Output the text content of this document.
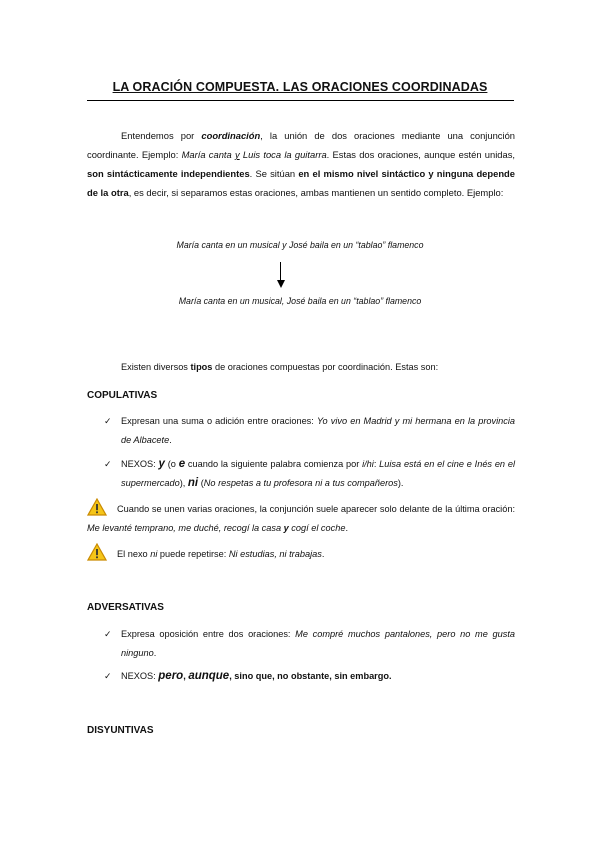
LA ORACIÓN COMPUESTA. LAS ORACIONES COORDINADAS
Entendemos por coordinación, la unión de dos oraciones mediante una conjunción coordinante. Ejemplo: María canta y Luis toca la guitarra. Estas dos oraciones, aunque estén unidas, son sintácticamente independientes. Se sitúan en el mismo nivel sintáctico y ninguna depende de la otra, es decir, si separamos estas oraciones, ambas mantienen un sentido completo. Ejemplo:
María canta en un musical y José baila en un “tablao” flamenco
María canta en un musical, José baila en un “tablao” flamenco
Existen diversos tipos de oraciones compuestas por coordinación. Estas son:
COPULATIVAS
✓	Expresan una suma o adición entre oraciones: Yo vivo en Madrid y mi hermana en la provincia de Albacete.
✓	NEXOS: y (o e cuando la siguiente palabra comienza por i/hi: Luisa está en el cine e Inés en el supermercado), ni (No respetas a tu profesora ni a tus compañeros).
Cuando se unen varias oraciones, la conjunción suele aparecer solo delante de la última oración: Me levanté temprano, me duché, recogí la casa y cogí el coche.
El nexo ni puede repetirse: Ni estudias, ni trabajas.
ADVERSATIVAS
✓	Expresa oposición entre dos oraciones: Me compré muchos pantalones, pero no me gusta ninguno.
✓	NEXOS: pero, aunque, sino que, no obstante, sin embargo.
DISYUNTIVAS
